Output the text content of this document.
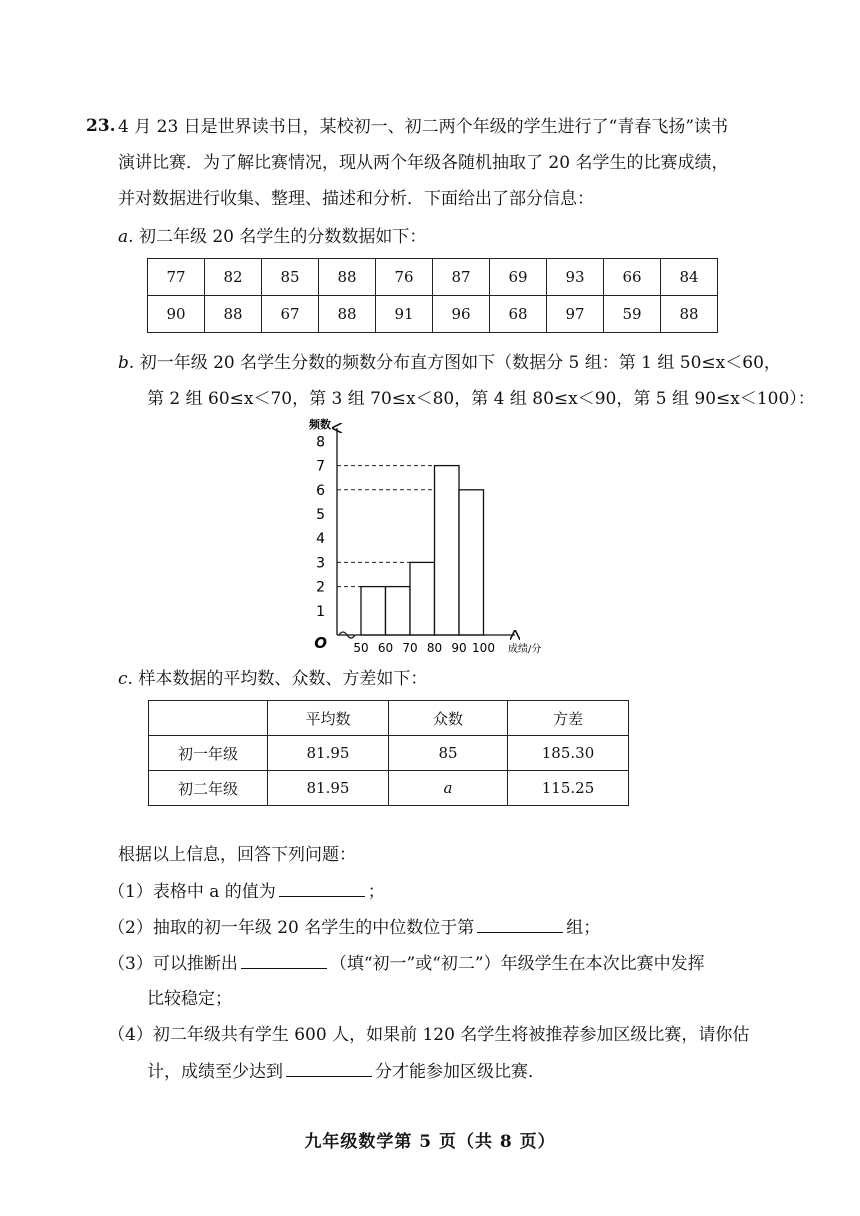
23. 4 月 23 日是世界读书日，某校初一、初二两个年级的学生进行了“青春飞扬”读书
演讲比赛．为了解比赛情况，现从两个年级各随机抽取了 20 名学生的比赛成绩，
并对数据进行收集、整理、描述和分析．下面给出了部分信息：
a. 初二年级 20 名学生的分数数据如下：
77	82	85	88	76	87	69	93	66	84
90	88	67	88	91	96	68	97	59	88
b. 初一年级 20 名学生分数的频数分布直方图如下（数据分 5 组：第 1 组 50≤x＜60，
第 2 组 60≤x＜70，第 3 组 70≤x＜80，第 4 组 80≤x＜90，第 5 组 90≤x＜100）：
1
2
3
4
5
6
7
8
50 60 70 80 90 100
O
频数
成绩/分
c. 样本数据的平均数、众数、方差如下：
	平均数	众数	方差
初一年级	81.95	85	185.30
初二年级	81.95	a	115.25
根据以上信息，回答下列问题：
（1）表格中 a 的值为	；
（2）抽取的初一年级 20 名学生的中位数位于第	组；
（3）可以推断出	（填“初一”或“初二”）年级学生在本次比赛中发挥
比较稳定；
（4）初二年级共有学生 600 人，如果前 120 名学生将被推荐参加区级比赛，请你估
计，成绩至少达到	分才能参加区级比赛．
九年级数学第 5 页（共 8 页）
